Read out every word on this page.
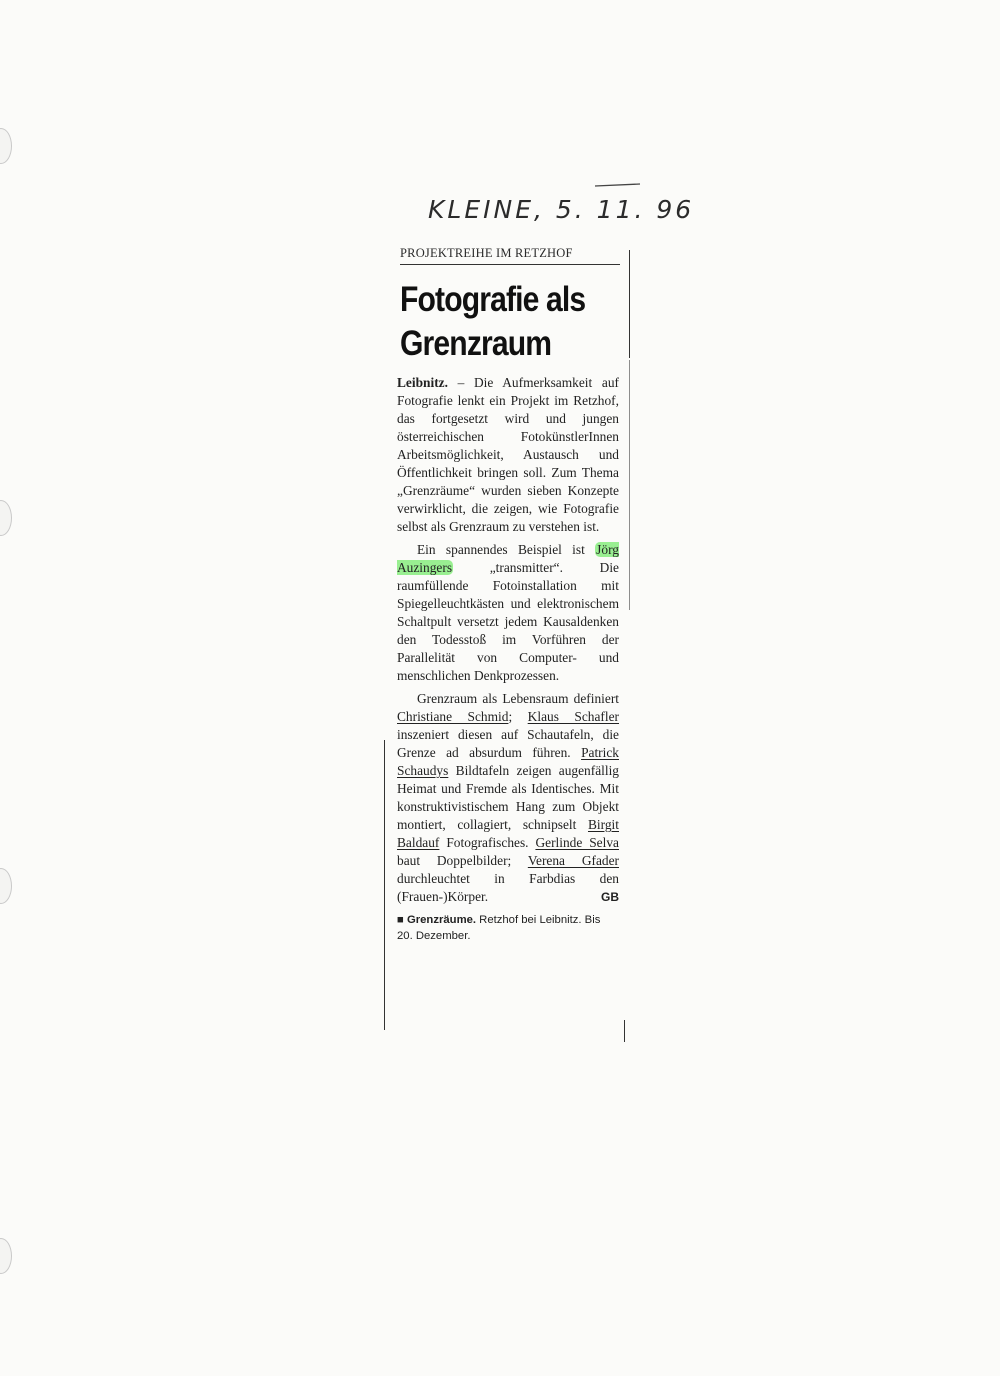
KLEINE, 5. 11. 96
PROJEKTREIHE IM RETZHOF
Fotografie als
Grenzraum

Leibnitz. – Die Aufmerksamkeit auf Fotografie lenkt ein Projekt im Retzhof, das fortgesetzt wird und jungen österreichischen FotokünstlerInnen Arbeitsmöglichkeit, Austausch und Öffentlichkeit bringen soll. Zum Thema „Grenzräume“ wurden sieben Konzepte verwirklicht, die zeigen, wie Fotografie selbst als Grenzraum zu verstehen ist.

Ein spannendes Beispiel ist Jörg Auzingers „transmitter“. Die raumfüllende Fotoinstallation mit Spiegelleuchtkästen und elektronischem Schaltpult versetzt jedem Kausaldenken den Todesstoß im Vorführen der Parallelität von Computer- und menschlichen Denkprozessen.

Grenzraum als Lebensraum definiert Christiane Schmid; Klaus Schafler inszeniert diesen auf Schautafeln, die Grenze ad absurdum führen. Patrick Schaudys Bildtafeln zeigen augenfällig Heimat und Fremde als Identisches. Mit konstruktivistischem Hang zum Objekt montiert, collagiert, schnipselt Birgit Baldauf Fotografisches. Gerlinde Selva baut Doppelbilder; Verena Gfader durchleuchtet in Farbdias den (Frauen-)Körper.	GB

■ Grenzräume. Retzhof bei Leibnitz. Bis 20. Dezember.
